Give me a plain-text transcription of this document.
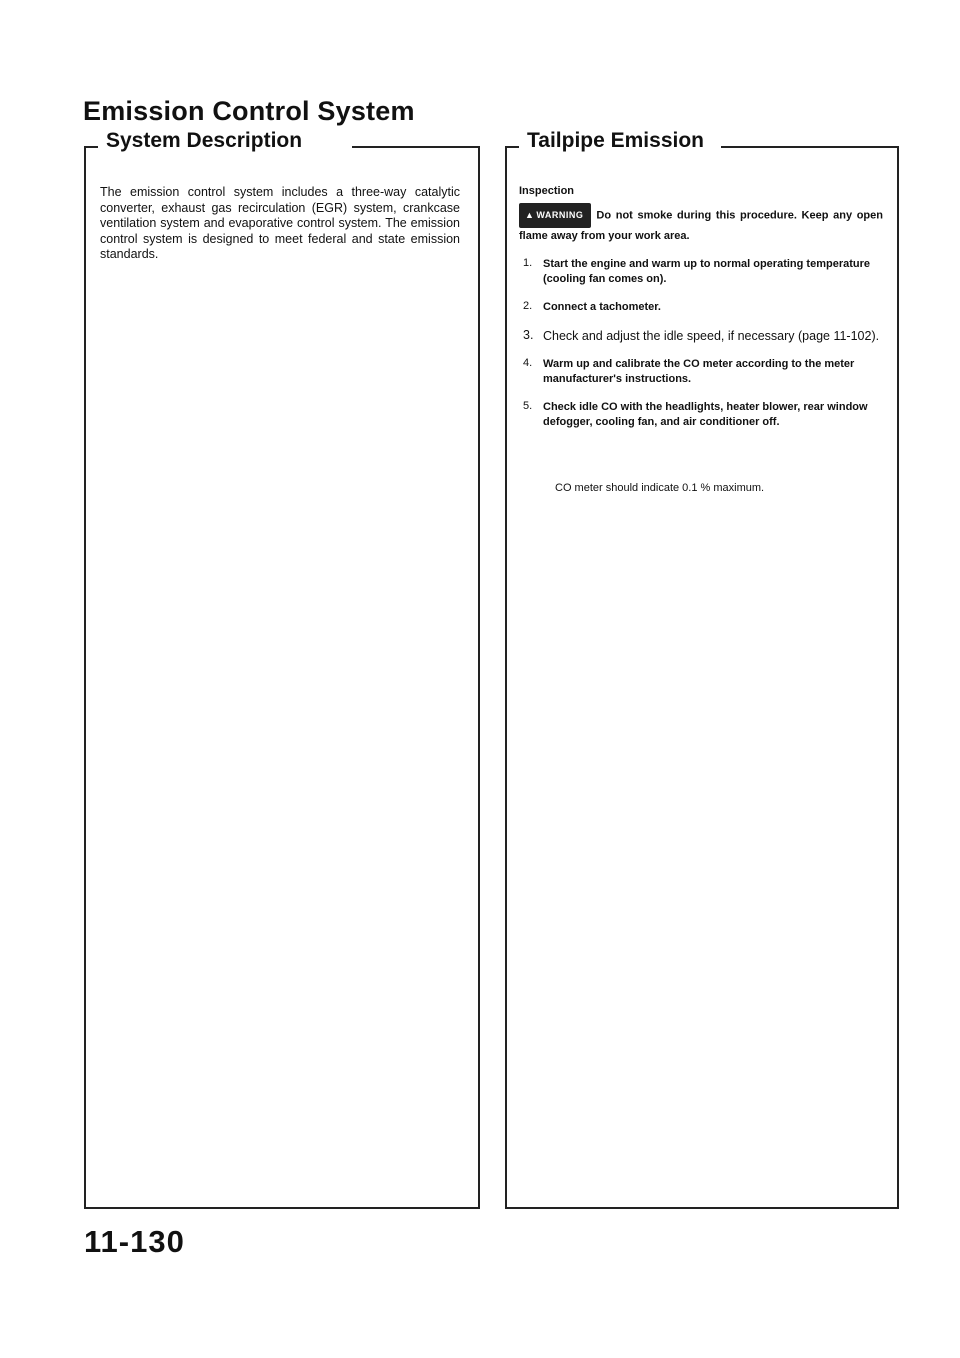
Emission Control System
System Description

The emission control system includes a three-way catalytic converter, exhaust gas recirculation (EGR) system, crankcase ventilation system and evaporative control system. The emission control system is designed to meet federal and state emission standards.

Tailpipe Emission

Inspection

▲ WARNING Do not smoke during this procedure. Keep any open flame away from your work area.

1. Start the engine and warm up to normal operating temperature (cooling fan comes on).
2. Connect a tachometer.
3. Check and adjust the idle speed, if necessary (page 11-102).
4. Warm up and calibrate the CO meter according to the meter manufacturer's instructions.
5. Check idle CO with the headlights, heater blower, rear window defogger, cooling fan, and air conditioner off.

CO meter should indicate 0.1 % maximum.

11-130
